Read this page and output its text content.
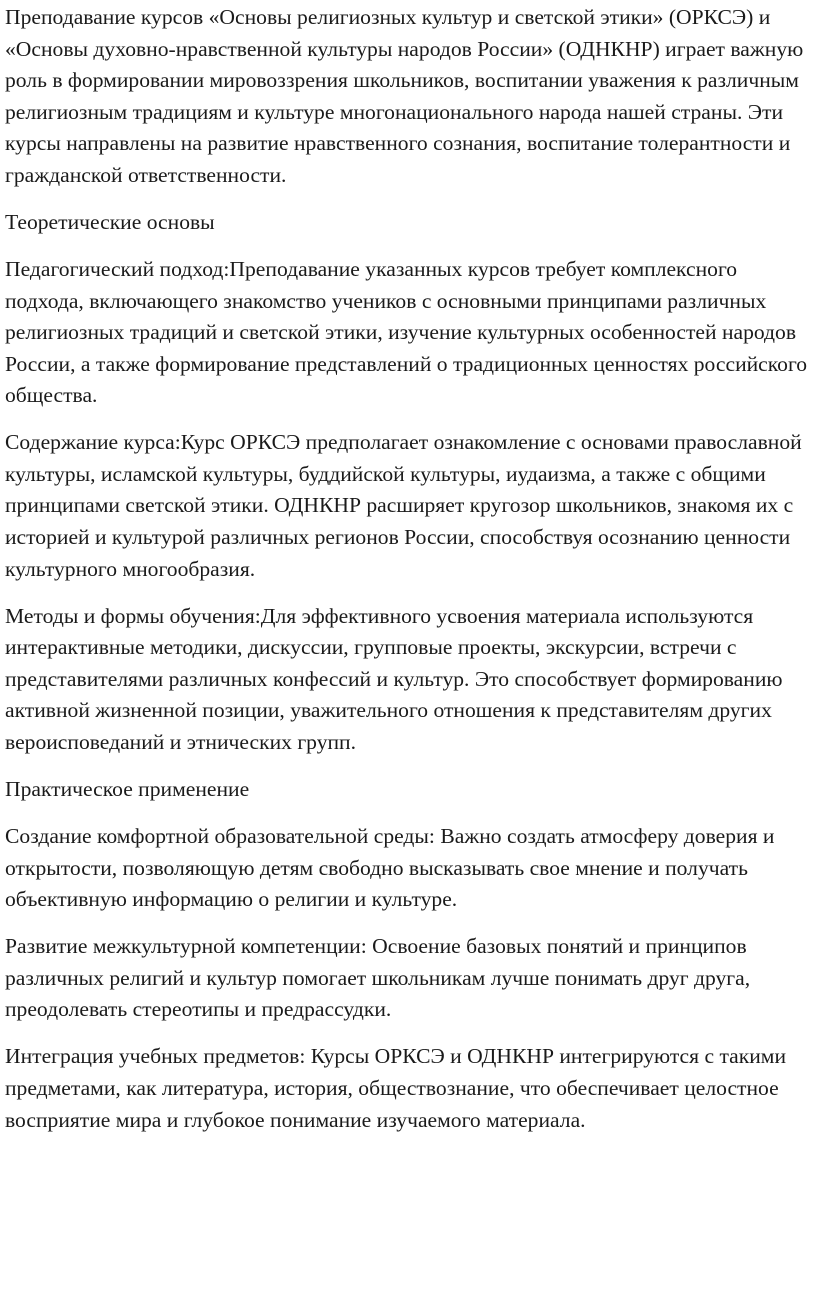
Преподавание курсов «Основы религиозных культур и светской этики» (ОРКСЭ) и «Основы духовно-нравственной культуры народов России» (ОДНКНР) играет важную роль в формировании мировоззрения школьников, воспитании уважения к различным религиозным традициям и культуре многонационального народа нашей страны. Эти курсы направлены на развитие нравственного сознания, воспитание толерантности и гражданской ответственности.

Теоретические основы

Педагогический подход:Преподавание указанных курсов требует комплексного подхода, включающего знакомство учеников с основными принципами различных религиозных традиций и светской этики, изучение культурных особенностей народов России, а также формирование представлений о традиционных ценностях российского общества.

Содержание курса:Курс ОРКСЭ предполагает ознакомление с основами православной культуры, исламской культуры, буддийской культуры, иудаизма, а также с общими принципами светской этики. ОДНКНР расширяет кругозор школьников, знакомя их с историей и культурой различных регионов России, способствуя осознанию ценности культурного многообразия.

Методы и формы обучения:Для эффективного усвоения материала используются интерактивные методики, дискуссии, групповые проекты, экскурсии, встречи с представителями различных конфессий и культур. Это способствует формированию активной жизненной позиции, уважительного отношения к представителям других вероисповеданий и этнических групп.

Практическое применение

Создание комфортной образовательной среды: Важно создать атмосферу доверия и открытости, позволяющую детям свободно высказывать свое мнение и получать объективную информацию о религии и культуре.

Развитие межкультурной компетенции: Освоение базовых понятий и принципов различных религий и культур помогает школьникам лучше понимать друг друга, преодолевать стереотипы и предрассудки.

Интеграция учебных предметов: Курсы ОРКСЭ и ОДНКНР интегрируются с такими предметами, как литература, история, обществознание, что обеспечивает целостное восприятие мира и глубокое понимание изучаемого материала.
